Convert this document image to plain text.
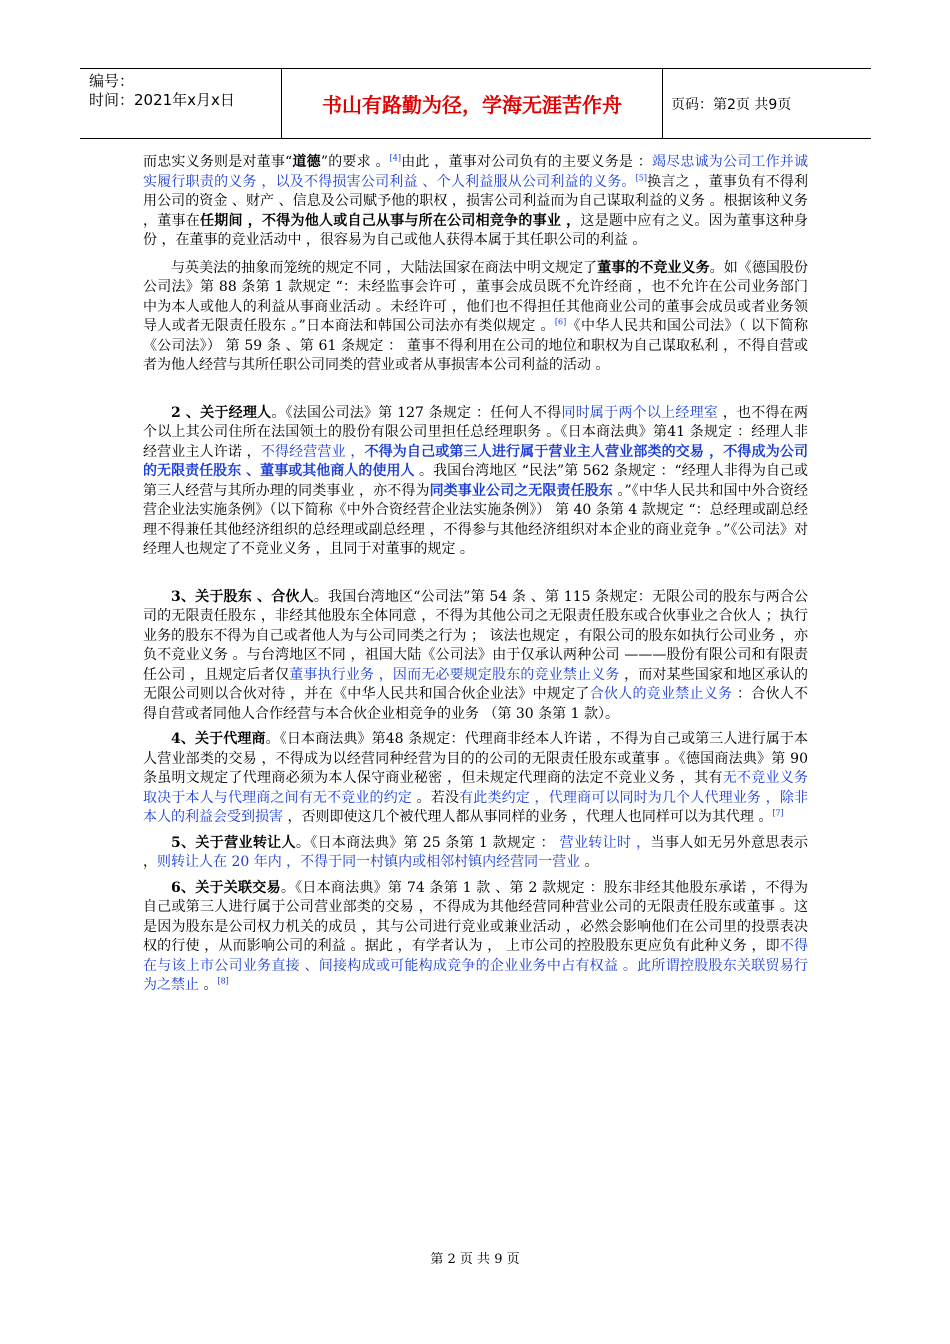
编号：
时间：2021年x月x日	书山有路勤为径，学海无涯苦作舟	页码：第2页 共9页

而忠实义务则是对董事“道德”的要求 。[4]由此 ，董事对公司负有的主要义务是 ：竭尽忠诚为公司工作并诚实履行职责的义务 ，以及不得损害公司利益 、个人利益服从公司利益的义务。[5]换言之 ，董事负有不得利用公司的资金 、财产 、信息及公司赋予他的职权 ，损害公司利益而为自己谋取利益的义务 。根据该种义务 ，董事在任期间 ，不得为他人或自己从事与所在公司相竞争的事业 ，这是题中应有之义。因为董事这种身份 ，在董事的竞业活动中 ，很容易为自己或他人获得本属于其任职公司的利益 。

与英美法的抽象而笼统的规定不同 ，大陆法国家在商法中明文规定了董事的不竞业义务。如《德国股份公司法》第 88 条第 1 款规定 “：未经监事会许可 ，董事会成员既不允许经商 ，也不允许在公司业务部门中为本人或他人的利益从事商业活动 。未经许可 ，他们也不得担任其他商业公司的董事会成员或者业务领导人或者无限责任股东 。”日本商法和韩国公司法亦有类似规定 。[6]《中华人民共和国公司法》（ 以下简称《公司法》） 第 59 条 、第 61 条规定 ： 董事不得利用在公司的地位和职权为自己谋取私利 ，不得自营或者为他人经营与其所任职公司同类的营业或者从事损害本公司利益的活动 。

2 、关于经理人。《法国公司法》第 127 条规定 ：任何人不得同时属于两个以上经理室 ，也不得在两个以上其公司住所在法国领土的股份有限公司里担任总经理职务 。《日本商法典》第41 条规定 ：经理人非经营业主人许诺 ，不得经营营业 ，不得为自己或第三人进行属于营业主人营业部类的交易 ，不得成为公司的无限责任股东 、董事或其他商人的使用人 。我国台湾地区 “民法”第 562 条规定 ：“经理人非得为自己或第三人经营与其所办理的同类事业 ，亦不得为同类事业公司之无限责任股东 。”《中华人民共和国中外合资经营企业法实施条例》（以下简称《中外合资经营企业法实施条例》） 第 40 条第 4 款规定 “：总经理或副总经理不得兼任其他经济组织的总经理或副总经理 ，不得参与其他经济组织对本企业的商业竞争 。”《公司法》对经理人也规定了不竞业义务 ，且同于对董事的规定 。

3、关于股东 、合伙人。我国台湾地区“公司法”第 54 条 、第 115 条规定：无限公司的股东与两合公司的无限责任股东 ，非经其他股东全体同意 ，不得为其他公司之无限责任股东或合伙事业之合伙人 ；执行业务的股东不得为自己或者他人为与公司同类之行为 ； 该法也规定 ，有限公司的股东如执行公司业务 ，亦负不竞业义务 。与台湾地区不同 ，祖国大陆《公司法》由于仅承认两种公司 ———股份有限公司和有限责任公司 ，且规定后者仅董事执行业务 ，因而无必要规定股东的竞业禁止义务 ，而对某些国家和地区承认的无限公司则以合伙对待 ，并在《中华人民共和国合伙企业法》中规定了合伙人的竞业禁止义务 ：合伙人不得自营或者同他人合作经营与本合伙企业相竞争的业务 （第 30 条第 1 款）。

4、关于代理商。《日本商法典》第48 条规定：代理商非经本人许诺 ，不得为自己或第三人进行属于本人营业部类的交易 ，不得成为以经营同种经营为目的的公司的无限责任股东或董事 。《德国商法典》第 90 条虽明文规定了代理商必须为本人保守商业秘密 ，但未规定代理商的法定不竞业义务 ，其有无不竞业义务取决于本人与代理商之间有无不竞业的约定 。若没有此类约定 ，代理商可以同时为几个人代理业务 ，除非本人的利益会受到损害 ，否则即使这几个被代理人都从事同样的业务 ，代理人也同样可以为其代理 。[7]

5、关于营业转让人。《日本商法典》第 25 条第 1 款规定 ： 营业转让时 ，当事人如无另外意思表示 ，则转让人在 20 年内 ，不得于同一村镇内或相邻村镇内经营同一营业 。

6、关于关联交易。《日本商法典》第 74 条第 1 款 、第 2 款规定 ：股东非经其他股东承诺 ，不得为自己或第三人进行属于公司营业部类的交易 ，不得成为其他经营同种营业公司的无限责任股东或董事 。这是因为股东是公司权力机关的成员 ，其与公司进行竞业或兼业活动 ，必然会影响他们在公司里的投票表决权的行使 ，从而影响公司的利益 。据此 ，有学者认为 ， 上市公司的控股股东更应负有此种义务 ，即不得在与该上市公司业务直接 、间接构成或可能构成竞争的企业业务中占有权益 。此所谓控股股东关联贸易行为之禁止 。[8]

第 2 页 共 9 页
